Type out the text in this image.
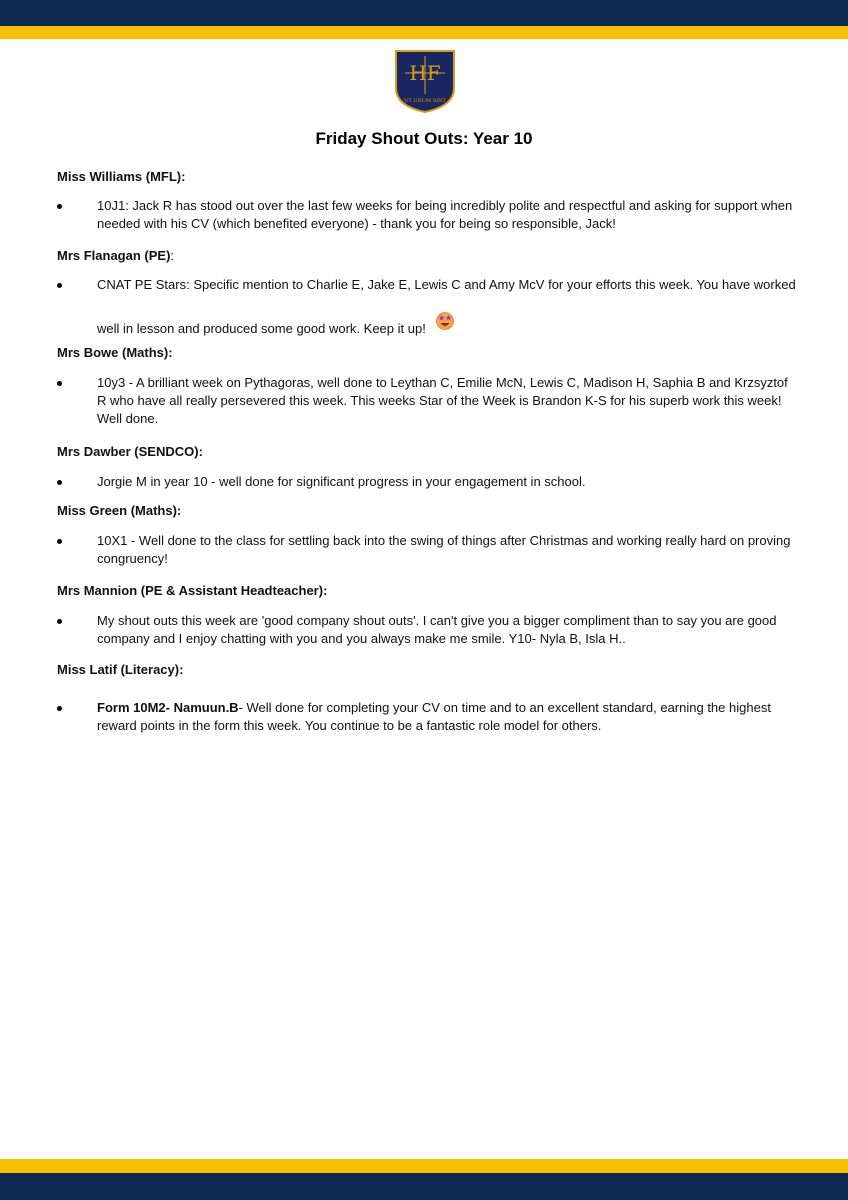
HF
UT UNUM SINT
Friday Shout Outs: Year 10
Miss Williams (MFL):
10J1: Jack R has stood out over the last few weeks for being incredibly polite and respectful and asking for support when needed with his CV (which benefited everyone) - thank you for being so responsible, Jack!
Mrs Flanagan (PE):
CNAT PE Stars: Specific mention to Charlie E, Jake E, Lewis C and Amy McV for your efforts this week. You have worked
well in lesson and produced some good work. Keep it up!
Mrs Bowe (Maths):
10y3 - A brilliant week on Pythagoras, well done to Leythan C, Emilie McN, Lewis C, Madison H, Saphia B and Krzsyztof R who have all really persevered this week. This weeks Star of the Week is Brandon K-S for his superb work this week! Well done.
Mrs Dawber (SENDCO):
Jorgie M in year 10 - well done for significant progress in your engagement in school.
Miss Green (Maths):
10X1 - Well done to the class for settling back into the swing of things after Christmas and working really hard on proving congruency!
Mrs Mannion (PE & Assistant Headteacher):
My shout outs this week are 'good company shout outs'. I can't give you a bigger compliment than to say you are good company and I enjoy chatting with you and you always make me smile. Y10- Nyla B, Isla H..
Miss Latif (Literacy):
Form 10M2- Namuun.B- Well done for completing your CV on time and to an excellent standard, earning the highest reward points in the form this week. You continue to be a fantastic role model for others.
